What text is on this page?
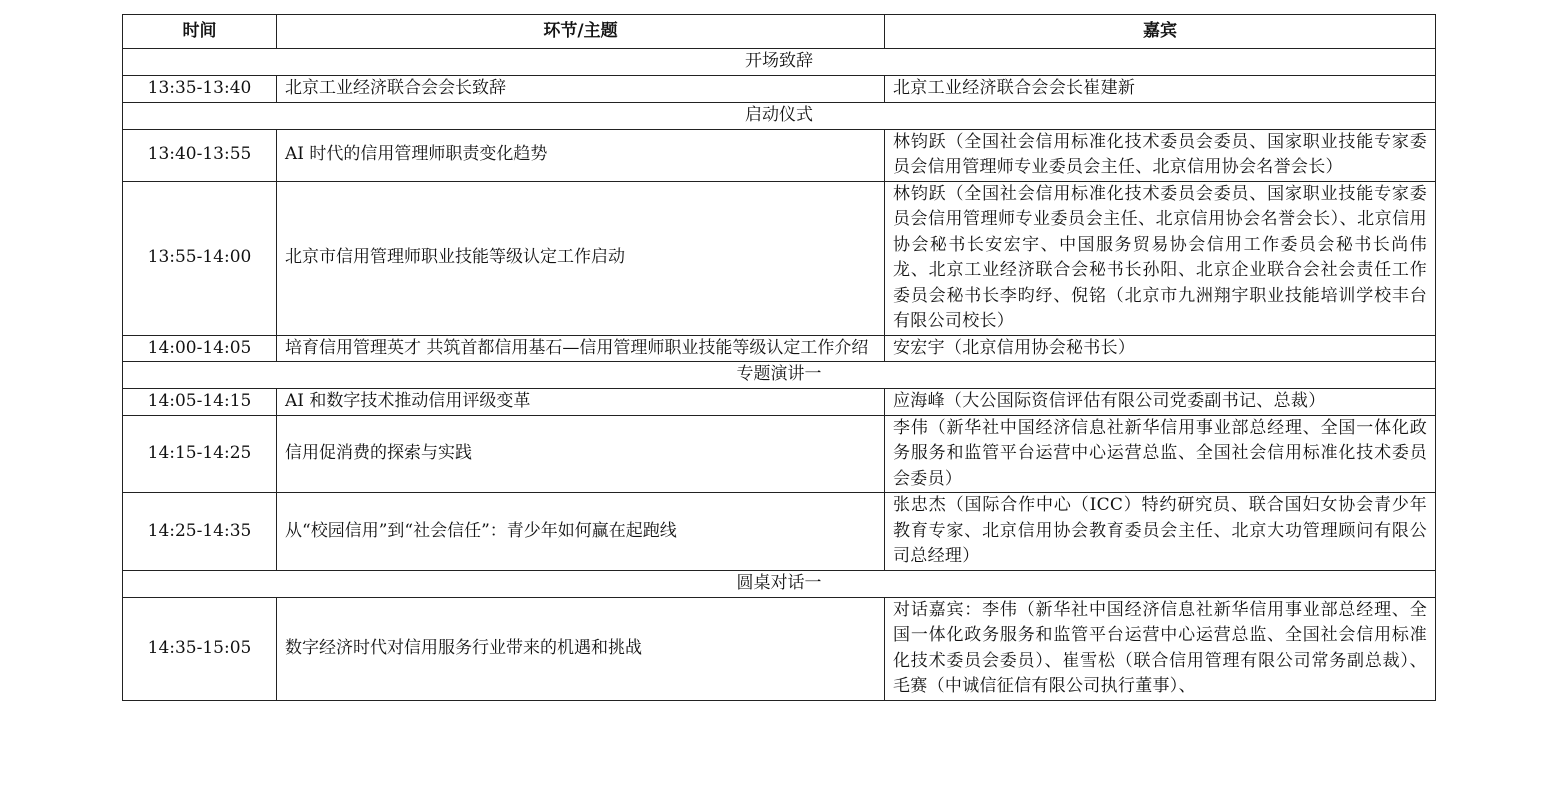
时间	环节/主题	嘉宾
开场致辞		
13:35-13:40	北京工业经济联合会会长致辞	北京工业经济联合会会长崔建新
启动仪式		
13:40-13:55	AI 时代的信用管理师职责变化趋势	林钧跃（全国社会信用标准化技术委员会委员、国家职业技能专家委员会信用管理师专业委员会主任、北京信用协会名誉会长）
13:55-14:00	北京市信用管理师职业技能等级认定工作启动	林钧跃（全国社会信用标准化技术委员会委员、国家职业技能专家委员会信用管理师专业委员会主任、北京信用协会名誉会长）、北京信用协会秘书长安宏宇、中国服务贸易协会信用工作委员会秘书长尚伟龙、北京工业经济联合会秘书长孙阳、北京企业联合会社会责任工作委员会秘书长李昀纾、倪铭（北京市九洲翔宇职业技能培训学校丰台有限公司校长）
14:00-14:05	培育信用管理英才 共筑首都信用基石—信用管理师职业技能等级认定工作介绍	安宏宇（北京信用协会秘书长）
专题演讲一		
14:05-14:15	AI 和数字技术推动信用评级变革	应海峰（大公国际资信评估有限公司党委副书记、总裁）
14:15-14:25	信用促消费的探索与实践	李伟（新华社中国经济信息社新华信用事业部总经理、全国一体化政务服务和监管平台运营中心运营总监、全国社会信用标准化技术委员会委员）
14:25-14:35	从“校园信用”到“社会信任”：青少年如何赢在起跑线	张忠杰（国际合作中心（ICC）特约研究员、联合国妇女协会青少年教育专家、北京信用协会教育委员会主任、北京大功管理顾问有限公司总经理）
圆桌对话一		
14:35-15:05	数字经济时代对信用服务行业带来的机遇和挑战	对话嘉宾：李伟（新华社中国经济信息社新华信用事业部总经理、全国一体化政务服务和监管平台运营中心运营总监、全国社会信用标准化技术委员会委员）、崔雪松（联合信用管理有限公司常务副总裁）、毛赛（中诚信征信有限公司执行董事）、
